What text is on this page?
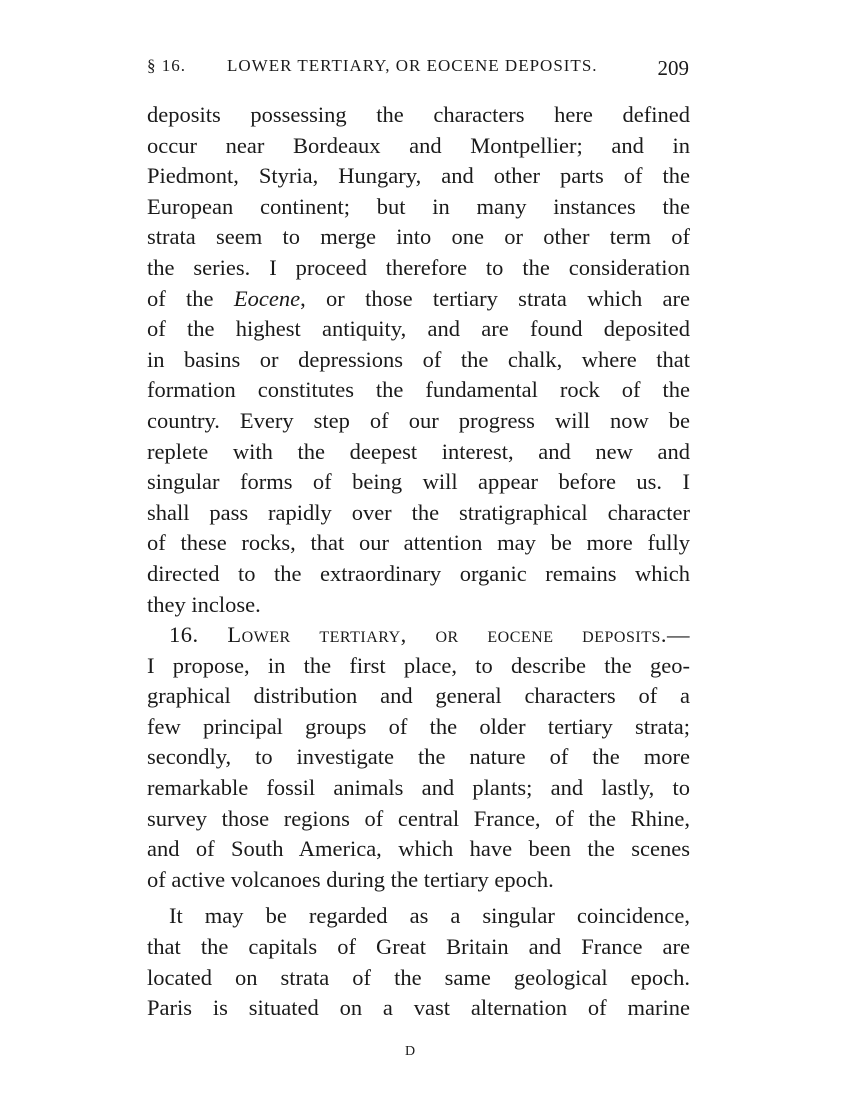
§ 16. LOWER TERTIARY, OR EOCENE DEPOSITS.	209
deposits possessing the characters here defined
occur near Bordeaux and Montpellier; and in
Piedmont, Styria, Hungary, and other parts of the
European continent; but in many instances the
strata seem to merge into one or other term of
the series. I proceed therefore to the consideration
of the Eocene, or those tertiary strata which are
of the highest antiquity, and are found deposited
in basins or depressions of the chalk, where that
formation constitutes the fundamental rock of the
country. Every step of our progress will now be
replete with the deepest interest, and new and
singular forms of being will appear before us. I
shall pass rapidly over the stratigraphical character
of these rocks, that our attention may be more fully
directed to the extraordinary organic remains which
they inclose.
16. Lower tertiary, or eocene deposits.—
I propose, in the first place, to describe the geo-
graphical distribution and general characters of a
few principal groups of the older tertiary strata;
secondly, to investigate the nature of the more
remarkable fossil animals and plants; and lastly, to
survey those regions of central France, of the Rhine,
and of South America, which have been the scenes
of active volcanoes during the tertiary epoch.
It may be regarded as a singular coincidence,
that the capitals of Great Britain and France are
located on strata of the same geological epoch.
Paris is situated on a vast alternation of marine
D
